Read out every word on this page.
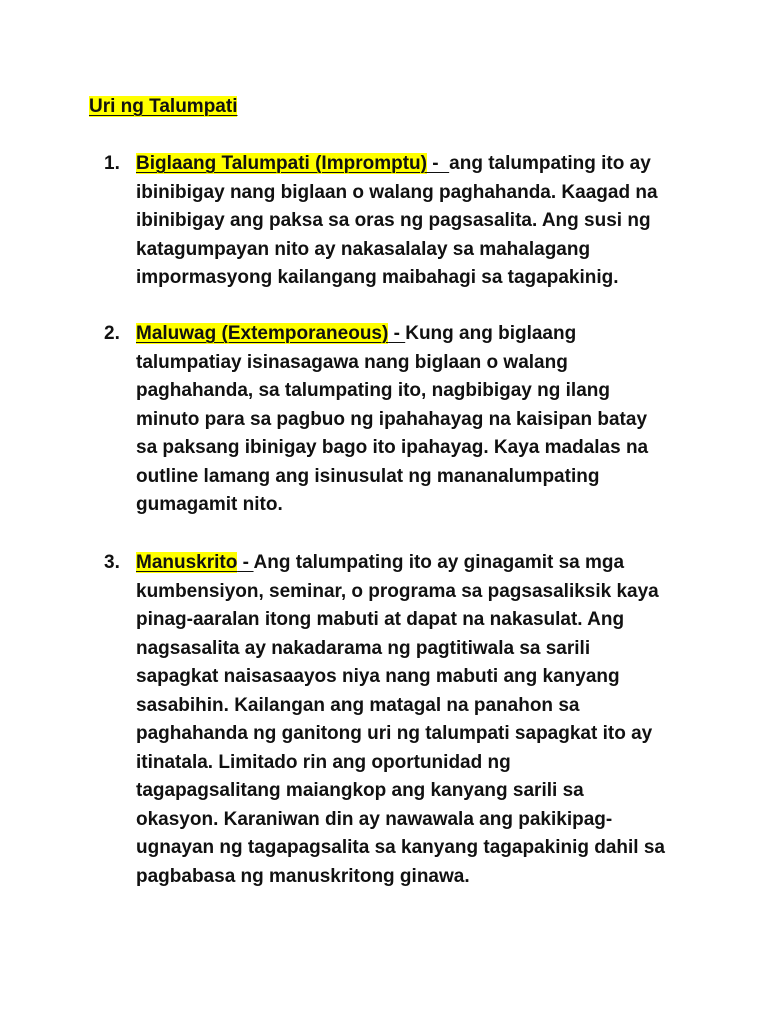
Uri ng Talumpati
1. Biglaang Talumpati (Impromptu) -  ang talumpating ito ay
ibinibigay nang biglaan o walang paghahanda. Kaagad na
ibinibigay ang paksa sa oras ng pagsasalita. Ang susi ng
katagumpayan nito ay nakasalalay sa mahalagang
impormasyong kailangang maibahagi sa tagapakinig.
2. Maluwag (Extemporaneous) - Kung ang biglaang
talumpatiay isinasagawa nang biglaan o walang
paghahanda, sa talumpating ito, nagbibigay ng ilang
minuto para sa pagbuo ng ipahahayag na kaisipan batay
sa paksang ibinigay bago ito ipahayag. Kaya madalas na
outline lamang ang isinusulat ng mananalumpating
gumagamit nito.
3. Manuskrito - Ang talumpating ito ay ginagamit sa mga
kumbensiyon, seminar, o programa sa pagsasaliksik kaya
pinag-aaralan itong mabuti at dapat na nakasulat. Ang
nagsasalita ay nakadarama ng pagtitiwala sa sarili
sapagkat naisasaayos niya nang mabuti ang kanyang
sasabihin. Kailangan ang matagal na panahon sa
paghahanda ng ganitong uri ng talumpati sapagkat ito ay
itinatala. Limitado rin ang oportunidad ng
tagapagsalitang maiangkop ang kanyang sarili sa
okasyon. Karaniwan din ay nawawala ang pakikipag-
ugnayan ng tagapagsalita sa kanyang tagapakinig dahil sa
pagbabasa ng manuskritong ginawa.
